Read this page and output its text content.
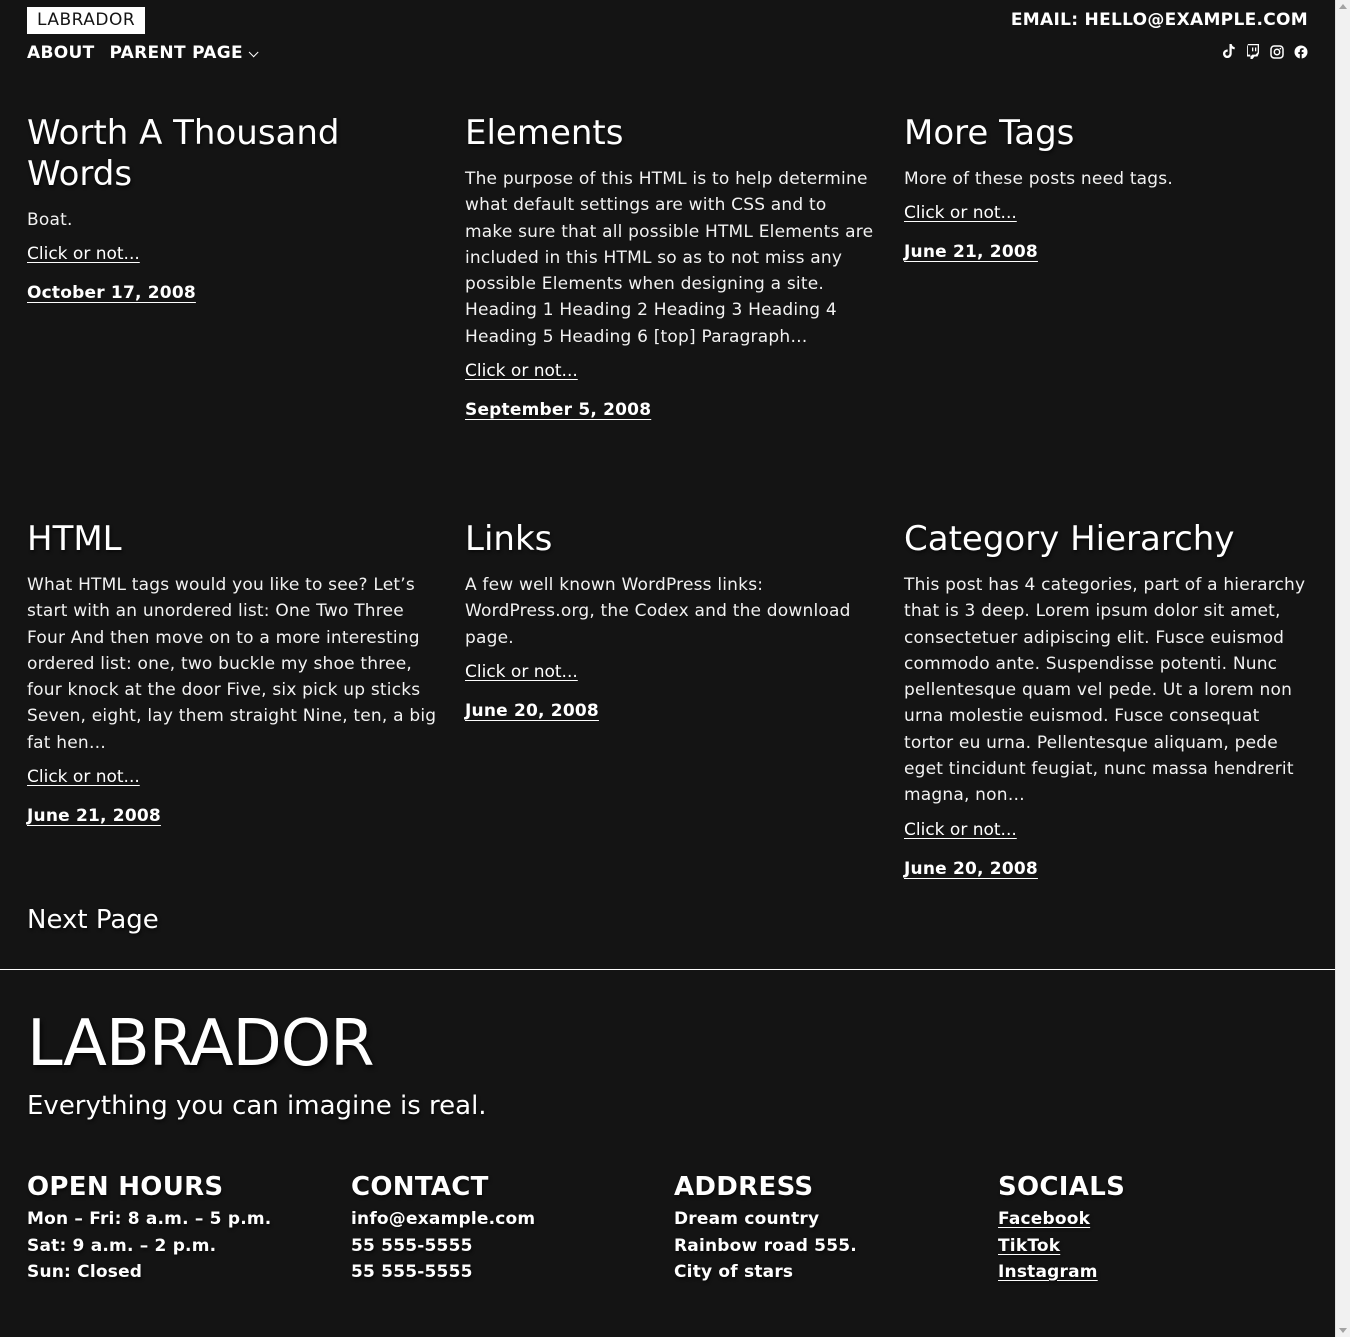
LABRADOR	EMAIL: HELLO@EXAMPLE.COM
ABOUT PARENT PAGE
Worth A Thousand Words

Boat.

Click or not...
October 17, 2008
Elements

The purpose of this HTML is to help determine what default settings are with CSS and to make sure that all possible HTML Elements are included in this HTML so as to not miss any possible Elements when designing a site. Heading 1 Heading 2 Heading 3 Heading 4 Heading 5 Heading 6 [top] Paragraph…

Click or not...
September 5, 2008
More Tags

More of these posts need tags.

Click or not...
June 21, 2008
HTML

What HTML tags would you like to see? Let’s start with an unordered list: One Two Three Four And then move on to a more interesting ordered list: one, two buckle my shoe three, four knock at the door Five, six pick up sticks Seven, eight, lay them straight Nine, ten, a big fat hen…

Click or not...
June 21, 2008
Links

A few well known WordPress links: WordPress.org, the Codex and the download page.

Click or not...
June 20, 2008
Category Hierarchy

This post has 4 categories, part of a hierarchy that is 3 deep. Lorem ipsum dolor sit amet, consectetuer adipiscing elit. Fusce euismod commodo ante. Suspendisse potenti. Nunc pellentesque quam vel pede. Ut a lorem non urna molestie euismod. Fusce consequat tortor eu urna. Pellentesque aliquam, pede eget tincidunt feugiat, nunc massa hendrerit magna, non…

Click or not...
June 20, 2008
Next Page
LABRADOR
Everything you can imagine is real.
OPEN HOURS
Mon – Fri: 8 a.m. – 5 p.m.
Sat: 9 a.m. – 2 p.m.
Sun: Closed
CONTACT
info@example.com
55 555-5555
55 555-5555
ADDRESS
Dream country
Rainbow road 555.
City of stars
SOCIALS
Facebook
TikTok
Instagram
